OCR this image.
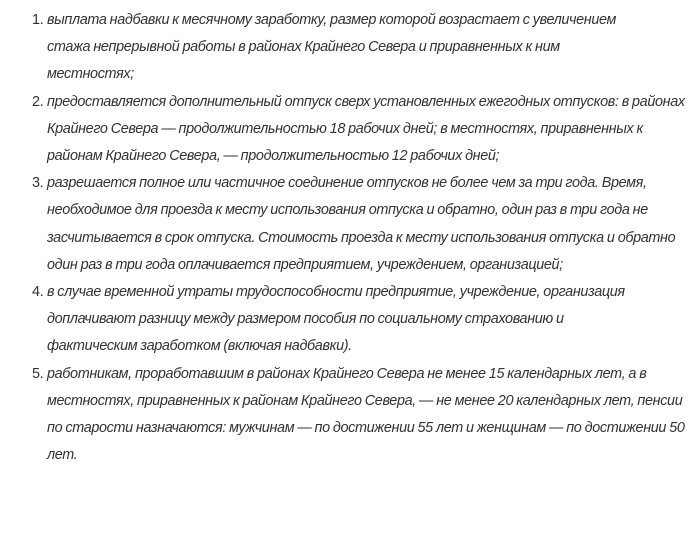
1. выплата надбавки к месячному заработку, размер которой возрастает с увеличением стажа непрерывной работы в районах Крайнего Севера и приравненных к ним местностях;
2. предоставляется дополнительный отпуск сверх установленных ежегодных отпусков: в районах Крайнего Севера — продолжительностью 18 рабочих дней; в местностях, приравненных к районам Крайнего Севера, — продолжительностью 12 рабочих дней;
3. разрешается полное или частичное соединение отпусков не более чем за три года. Время, необходимое для проезда к месту использования отпуска и обратно, один раз в три года не засчитывается в срок отпуска. Стоимость проезда к месту использования отпуска и обратно один раз в три года оплачивается предприятием, учреждением, организацией;
4. в случае временной утраты трудоспособности предприятие, учреждение, организация доплачивают разницу между размером пособия по социальному страхованию и фактическим заработком (включая надбавки).
5. работникам, проработавшим в районах Крайнего Севера не менее 15 календарных лет, а в местностях, приравненных к районам Крайнего Севера, — не менее 20 календарных лет, пенсии по старости назначаются: мужчинам — по достижении 55 лет и женщинам — по достижении 50 лет.
